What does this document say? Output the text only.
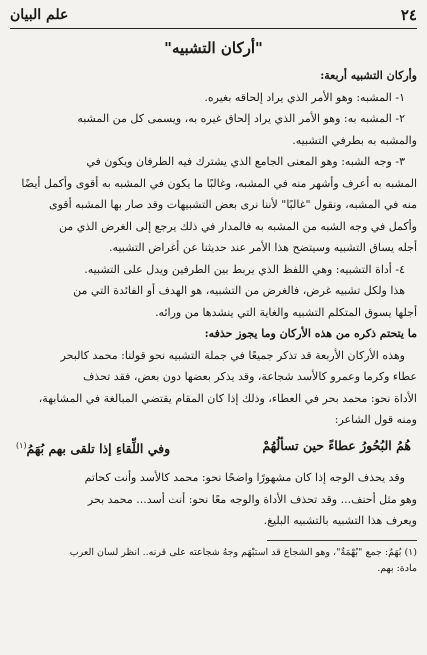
٢٤
علم البيان
"أركان التشبيه"

وأركان التشبيه أربعة:

١- المشبه: وهو الأمر الذي يراد إلحاقه بغيره.

٢- المشبه به: وهو الأمر الذي يراد إلحاق غيره به، ويسمى كل من المشبه

والمشبه به بطرفي التشبيه.

٣- وجه الشبه: وهو المعنى الجامع الذي يشترك فيه الطرفان ويكون في

المشبه به أعرف وأشهر منه في المشبه، وغالبًا ما يكون في المشبه به أقوى وأكمل أيضًا

منه في المشبه، ونقول "غالبًا" لأننا نرى بعض التشبيهات وقد صار بها المشبه أقوى

وأكمل في وجه الشبه من المشبه به فالمدار في ذلك يرجع إلى الغرض الذي من

أجله يساق التشبيه وسيتضح هذا الأمر عند حديثنا عن أغراض التشبيه.

٤- أداة التشبيه: وهي اللفظ الذي يربط بين الطرفين ويدل على التشبيه.

هذا ولكل تشبيه غرض، فالغرض من التشبيه، هو الهدف أو الفائدة التي من

أجلها يسوق المتكلم التشبيه والغاية التي ينشدها من ورائه.

ما يتحتم ذكره من هذه الأركان وما يجوز حذفه:

وهذه الأركان الأربعة قد تذكر جميعًا في جملة التشبيه نحو قولنا: محمد كالبحر

عطاء وكرما وعمرو كالأسد شجاعة، وقد يذكر بعضها دون بعض، فقد تحذف

الأداة نحو: محمد بحر في العطاء، وذلك إذا كان المقام يقتضي المبالغة في المشابهة،

ومنه قول الشاعر:

هُمُ البُحُورُ عطاءً حين تسألُهُمْ
وفي اللِّقاءِ إذا تلقى بهم بُهَمُ$^{(١)}$

وقد يحذف الوجه إذا كان مشهورًا واضحًا نحو: محمد كالأسد وأنت كحاتم

وهو مثل أحنف... وقد تحذف الأداة والوجه معًا نحو: أنت أسد... محمد بحر

ويعرف هذا التشبيه بالتشبيه البليغ.

(١) بُهَمٌ: جمع "بُهْمَةٌ"، وهو الشجاع قد استبْهَم وجهُ شجاعته على قرنه.. انظر لسان العرب
مادة: بهم.
